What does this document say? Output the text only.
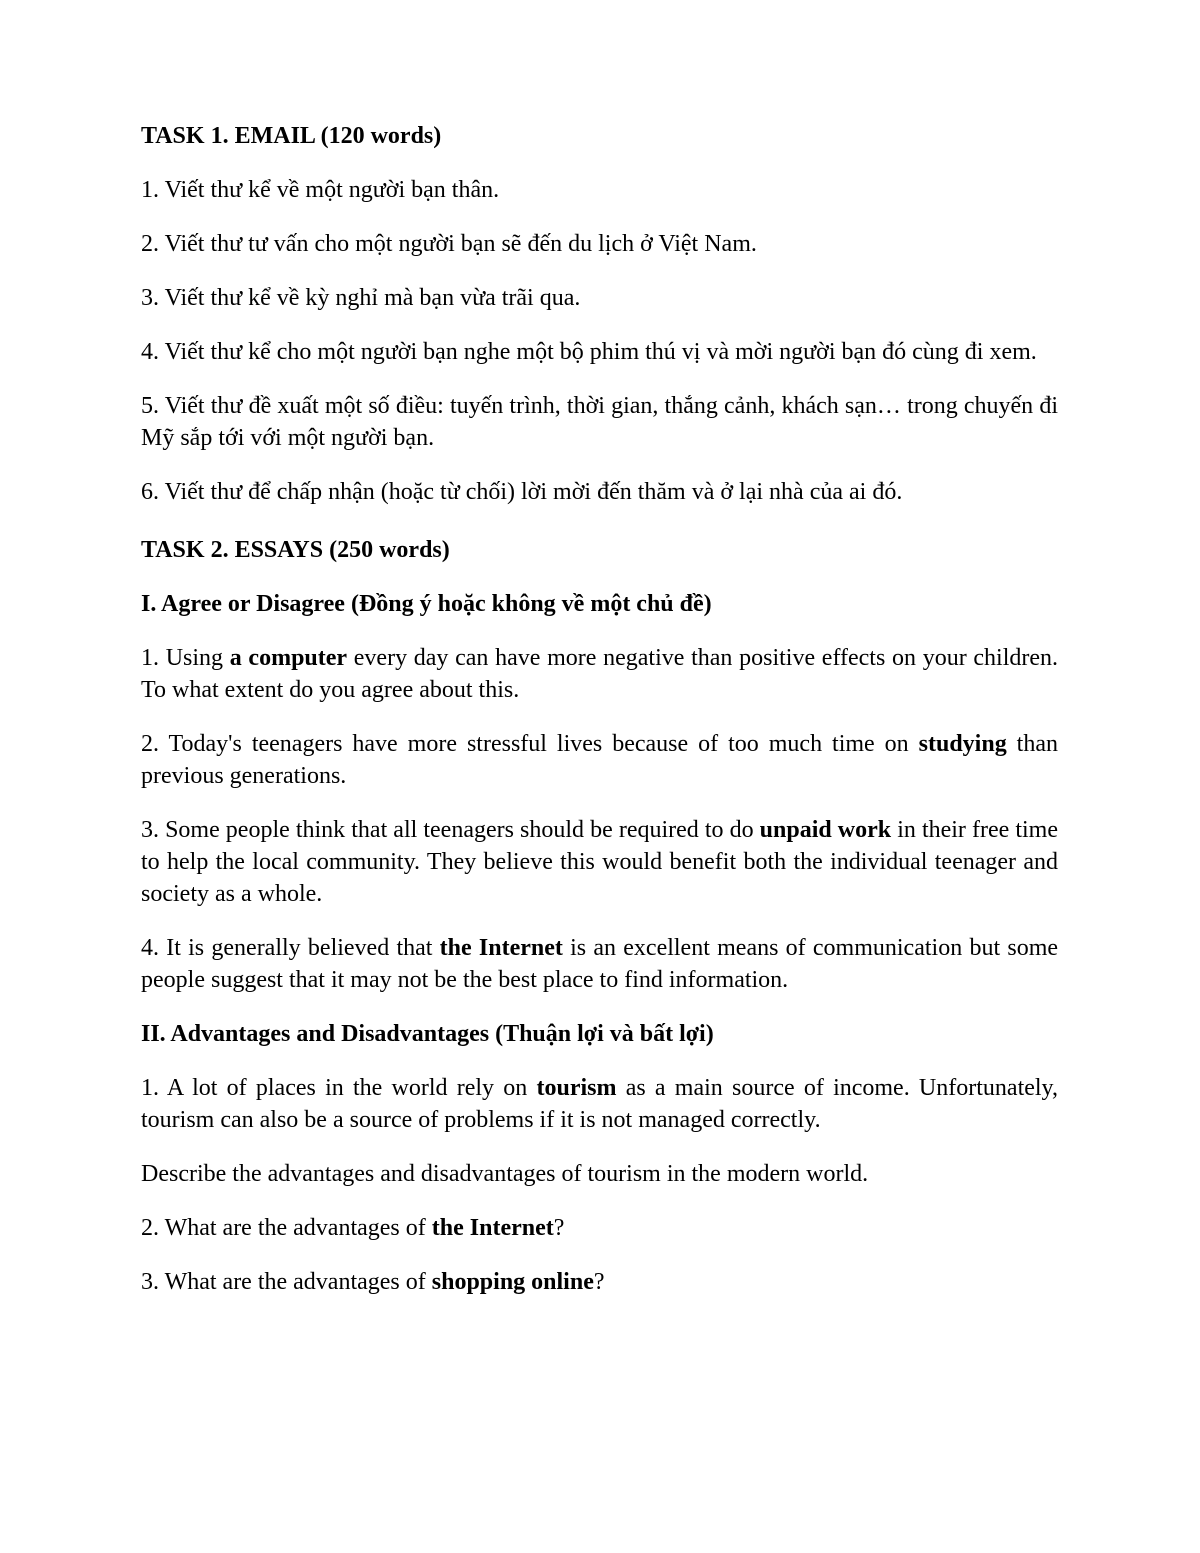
TASK 1. EMAIL (120 words)

1. Viết thư kể về một người bạn thân.

2. Viết thư tư vấn cho một người bạn sẽ đến du lịch ở Việt Nam.

3. Viết thư kể về kỳ nghỉ mà bạn vừa trãi qua.

4. Viết thư kể cho một người bạn nghe một bộ phim thú vị và mời người bạn đó cùng đi xem.

5. Viết thư đề xuất một số điều: tuyến trình, thời gian, thắng cảnh, khách sạn… trong chuyến đi Mỹ sắp tới với một người bạn.

6. Viết thư để chấp nhận (hoặc từ chối) lời mời đến thăm và ở lại nhà của ai đó.

TASK 2. ESSAYS (250 words)

I. Agree or Disagree (Đồng ý hoặc không về một chủ đề)

1. Using a computer every day can have more negative than positive effects on your children. To what extent do you agree about this.

2. Today's teenagers have more stressful lives because of too much time on studying than previous generations.

3. Some people think that all teenagers should be required to do unpaid work in their free time to help the local community. They believe this would benefit both the individual teenager and society as a whole.

4. It is generally believed that the Internet is an excellent means of communication but some people suggest that it may not be the best place to find information.

II. Advantages and Disadvantages (Thuận lợi và bất lợi)

1. A lot of places in the world rely on tourism as a main source of income. Unfortunately, tourism can also be a source of problems if it is not managed correctly.

Describe the advantages and disadvantages of tourism in the modern world.

2. What are the advantages of the Internet?

3. What are the advantages of shopping online?
